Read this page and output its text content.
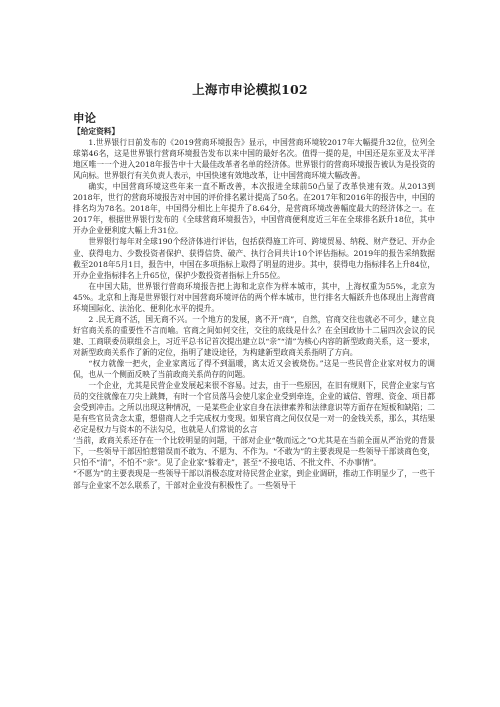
上海市申论模拟102
申论

【给定资料】

1.世界银行日前发布的《2019营商环境报告》显示，中国营商环境较2017年大幅提升32位，位列全球第46名，这是世界银行营商环境报告发布以来中国的最好名次。值得一提的是，中国还是东亚及太平洋地区唯一一个进入2018年报告中十大最佳改革者名单的经济体。世界银行的营商环境报告被认为是投资的风向标。世界银行有关负责人表示，中国快速有效地改革，让中国营商环境大幅改善。

确实，中国营商环境这些年来一直不断改善，本次报进全球前50凸显了改革快速有效。从2013到2018年，世行的营商环境报告对中国的评价排名累计提高了50名。在2017年和2016年的报告中，中国的排名均为78名。2018年，中国得分相比上年提升了8.64分，是营商环境改善幅度最大的经济体之一。在2017年，根据世界银行发布的《全球营商环境报告》，中国营商便利度近三年在全球排名跃升18位，其中开办企业便利度大幅上升31位。

世界银行每年对全球190个经济体进行评估，包括获得施工许可、跨境贸易、纳税、财产登记、开办企业、获得电力、少数投资者保护、获得信贷、破产、执行合同共计10个评估指标。2019年的报告采纳数据截至2018年5月1日，报告中，中国在多项指标上取得了明显的进步。其中，获得电力指标排名上升84位，开办企业指标排名上升65位，保护少数投资者指标上升55位。

在中国大陆，世界银行营商环境报告把上海和北京作为样本城市，其中，上海权重为55%，北京为45%。北京和上海是世界银行对中国营商环境评估的两个样本城市，世行排名大幅跃升也体现出上海营商环境国际化、法治化、便利化水平的提升。

2 .民无商不活，国无商不兴。一个地方的发展，离不开“商”，自然，官商交往也就必不可少，建立良好官商关系的重要性不言而喻。官商之间如何交往，交往的底线是什么？在全国政协十二届四次会议的民建、工商联委员联组会上，习近平总书记首次提出建立以“亲”“清”为核心内容的新型政商关系，这一要求，对新型政商关系作了新的定位，指明了建设途径，为构建新型政商关系指明了方向。

“权力就像一把火，企业家离远了得不到温暖，离太近又会被烧伤。”这是一些民营企业家对权力的调侃，也从一个侧面反映了当前政商关系尚存的问题。

一个企业，尤其是民营企业发展起来很不容易。过去，由于一些原因，在旧有规则下，民营企业家与官员的交往就像在刀尖上跳舞，有时一个官员落马会使几家企业受到牵连，企业的诚信、管理、资金、项目都会受到冲击。之所以出现这种情况，一是某些企业家自身在法律素养和法律意识等方面存在短板和缺陷；二是有些官员贪念太重，想借商人之手完成权力变现。如果官商之间仅仅是一对一的金钱关系，那么，其结果必定是权力与资本的不法勾兑，也就是人们常说的幺言

’当前，政商关系还存在一个比较明显的问题，干部对企业“敬而远之”O尤其是在当前全面从严治党的背景下，一些领导干部因怕惹错误而不敢为、不愿为、不作为。“不敢为”的主要表现是一些领导干部谈商色变，只怕不“清”，不怕不“亲”。见了企业家“躲着走”，甚至“不接电话、不批文件、不办事情”。

“不愿为”的主要表现是一些领导干部以消极态度对待民营企业家，到企业调研，推动工作明显少了，一些干部与企业家不怎么联系了，干部对企业没有积极性了。一些领导干
